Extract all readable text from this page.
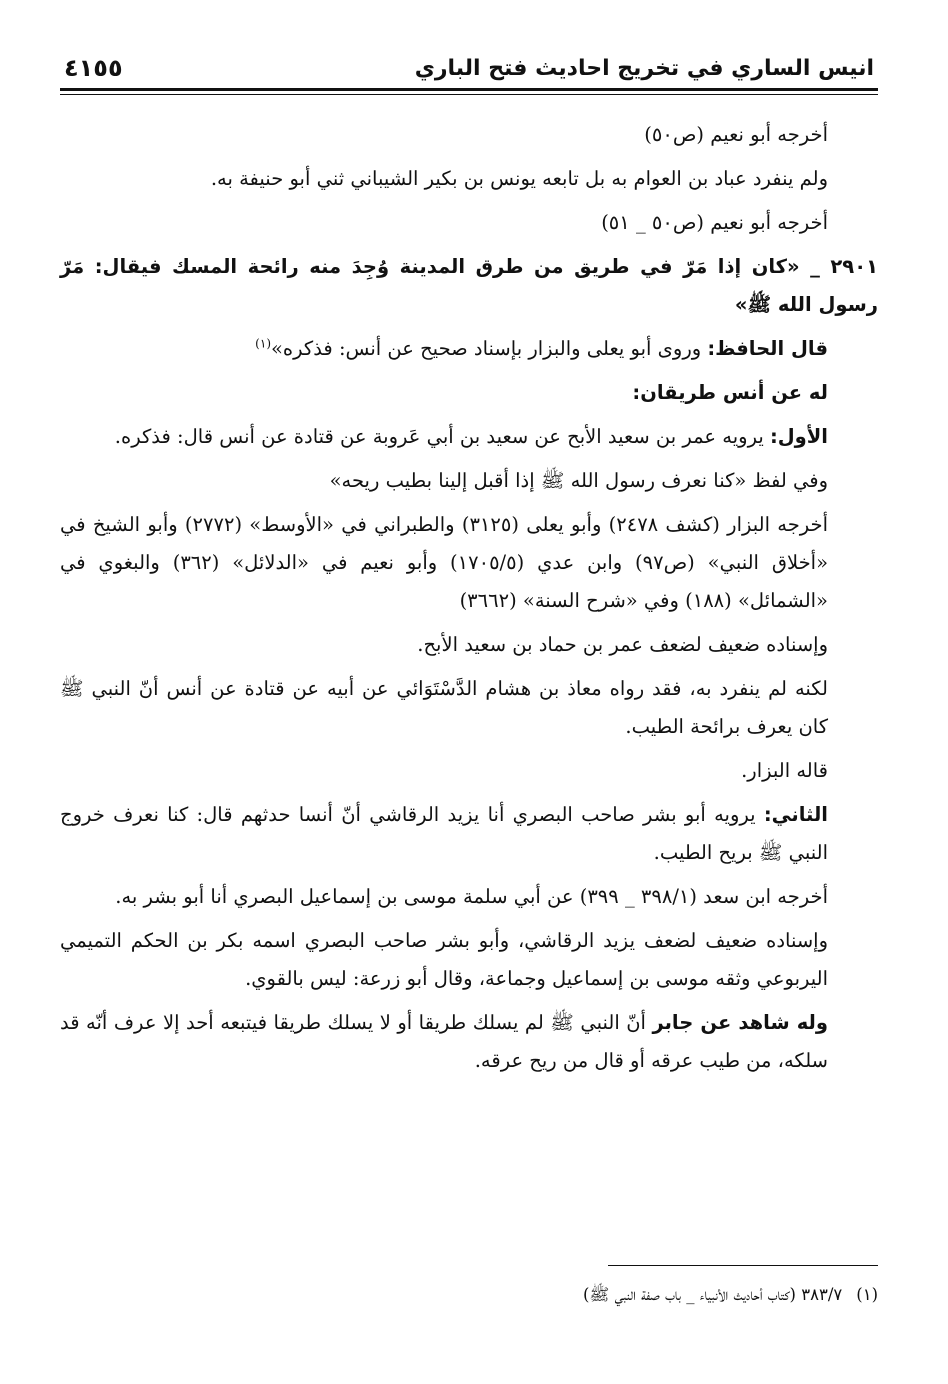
انيس الساري في تخريج احاديث فتح الباري
٤١٥٥

أخرجه أبو نعيم (ص٥٠)

ولم ينفرد عباد بن العوام به بل تابعه يونس بن بكير الشيباني ثني أبو حنيفة به.

أخرجه أبو نعيم (ص٥٠ _ ٥١)

٢٩٠١ _ «كان إذا مَرّ في طريق من طرق المدينة وُجِدَ منه رائحة المسك فيقال: مَرّ رسول الله ﷺ»

قال الحافظ: وروى أبو يعلى والبزار بإسناد صحيح عن أنس: فذكره»$^{(١)}$

له عن أنس طريقان:

الأول: يرويه عمر بن سعيد الأبح عن سعيد بن أبي عَروبة عن قتادة عن أنس قال: فذكره.

وفي لفظ «كنا نعرف رسول الله ﷺ إذا أقبل إلينا بطيب ريحه»

أخرجه البزار (كشف ٢٤٧٨) وأبو يعلى (٣١٢٥) والطبراني في «الأوسط» (٢٧٧٢) وأبو الشيخ في «أخلاق النبي» (ص٩٧) وابن عدي (١٧٠٥/٥) وأبو نعيم في «الدلائل» (٣٦٢) والبغوي في «الشمائل» (١٨٨) وفي «شرح السنة» (٣٦٦٢)

وإسناده ضعيف لضعف عمر بن حماد بن سعيد الأبح.

لكنه لم ينفرد به، فقد رواه معاذ بن هشام الدَّسْتَوَائي عن أبيه عن قتادة عن أنس أنّ النبي ﷺ كان يعرف برائحة الطيب.

قاله البزار.

الثاني: يرويه أبو بشر صاحب البصري أنا يزيد الرقاشي أنّ أنسا حدثهم قال: كنا نعرف خروج النبي ﷺ بريح الطيب.

أخرجه ابن سعد (٣٩٨/١ _ ٣٩٩) عن أبي سلمة موسى بن إسماعيل البصري أنا أبو بشر به.

وإسناده ضعيف لضعف يزيد الرقاشي، وأبو بشر صاحب البصري اسمه بكر بن الحكم التميمي اليربوعي وثقه موسى بن إسماعيل وجماعة، وقال أبو زرعة: ليس بالقوي.

وله شاهد عن جابر أنّ النبي ﷺ لم يسلك طريقا أو لا يسلك طريقا فيتبعه أحد إلا عرف أنّه قد سلكه، من طيب عرقه أو قال من ريح عرقه.

(١)٣٨٣/٧ (كتاب أحاديث الأنبياء _ باب صفة النبي ﷺ)
